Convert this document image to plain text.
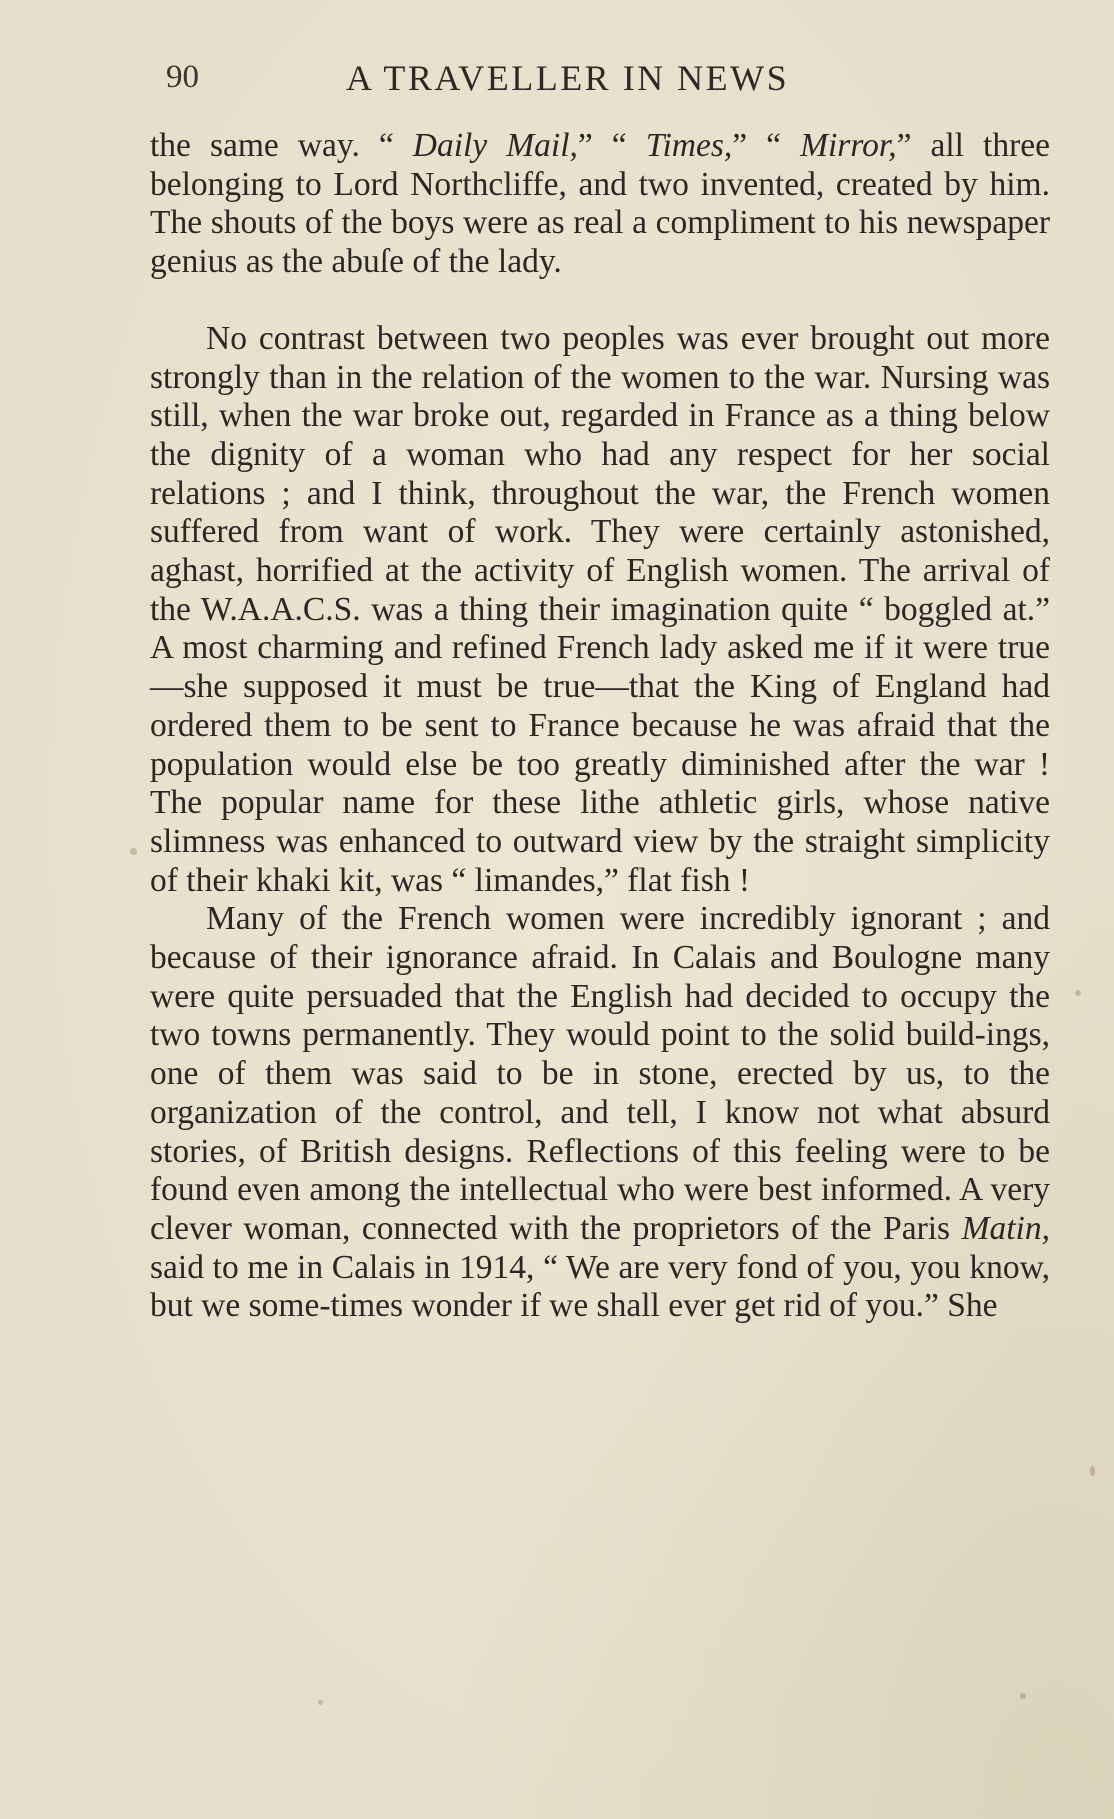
90	A TRAVELLER IN NEWS

the same way. “ Daily Mail,” “ Times,” “ Mirror,” all three belonging to Lord Northcliffe, and two invented, created by him. The shouts of the boys were as real a compliment to his newspaper genius as the abuſe of the lady.

No contrast between two peoples was ever brought out more strongly than in the relation of the women to the war. Nursing was still, when the war broke out, regarded in France as a thing below the dignity of a woman who had any respect for her social relations ; and I think, throughout the war, the French women suffered from want of work. They were certainly astonished, aghast, horrified at the activity of English women. The arrival of the W.A.A.C.S. was a thing their imagination quite “ boggled at.” A most charming and refined French lady asked me if it were true—she supposed it must be true—that the King of England had ordered them to be sent to France because he was afraid that the population would else be too greatly diminished after the war ! The popular name for these lithe athletic girls, whose native slimness was enhanced to outward view by the straight simplicity of their khaki kit, was “ limandes,” flat fish !

Many of the French women were incredibly ignorant ; and because of their ignorance afraid. In Calais and Boulogne many were quite persuaded that the English had decided to occupy the two towns permanently. They would point to the solid build-ings, one of them was said to be in stone, erected by us, to the organization of the control, and tell, I know not what absurd stories, of British designs. Reflections of this feeling were to be found even among the intellectual who were best informed. A very clever woman, connected with the proprietors of the Paris Matin, said to me in Calais in 1914, “ We are very fond of you, you know, but we some-times wonder if we shall ever get rid of you.” She
